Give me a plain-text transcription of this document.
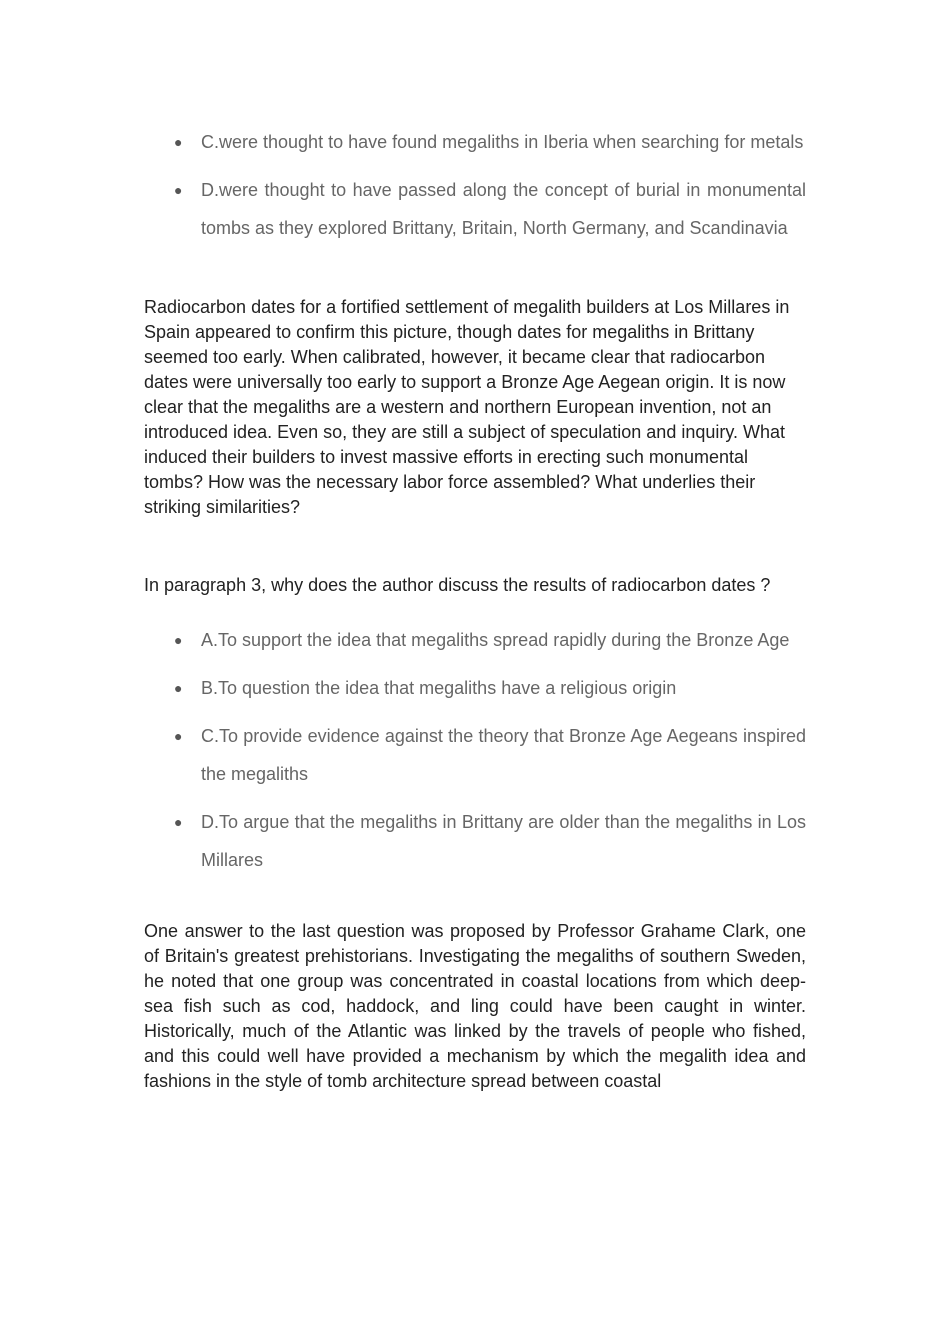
● C.were thought to have found megaliths in Iberia when searching for metals
● D.were thought to have passed along the concept of burial in monumental tombs as they explored Brittany, Britain, North Germany, and Scandinavia

Radiocarbon dates for a fortified settlement of megalith builders at Los Millares in Spain appeared to confirm this picture, though dates for megaliths in Brittany seemed too early. When calibrated, however, it became clear that radiocarbon dates were universally too early to support a Bronze Age Aegean origin. It is now clear that the megaliths are a western and northern European invention, not an introduced idea. Even so, they are still a subject of speculation and inquiry. What induced their builders to invest massive efforts in erecting such monumental tombs? How was the necessary labor force assembled? What underlies their striking similarities?

In paragraph 3, why does the author discuss the results of radiocarbon dates ?

● A.To support the idea that megaliths spread rapidly during the Bronze Age
● B.To question the idea that megaliths have a religious origin
● C.To provide evidence against the theory that Bronze Age Aegeans inspired the megaliths
● D.To argue that the megaliths in Brittany are older than the megaliths in Los Millares

One answer to the last question was proposed by Professor Grahame Clark, one of Britain's greatest prehistorians. Investigating the megaliths of southern Sweden, he noted that one group was concentrated in coastal locations from which deep-sea fish such as cod, haddock, and ling could have been caught in winter. Historically, much of the Atlantic was linked by the travels of people who fished, and this could well have provided a mechanism by which the megalith idea and fashions in the style of tomb architecture spread between coastal
